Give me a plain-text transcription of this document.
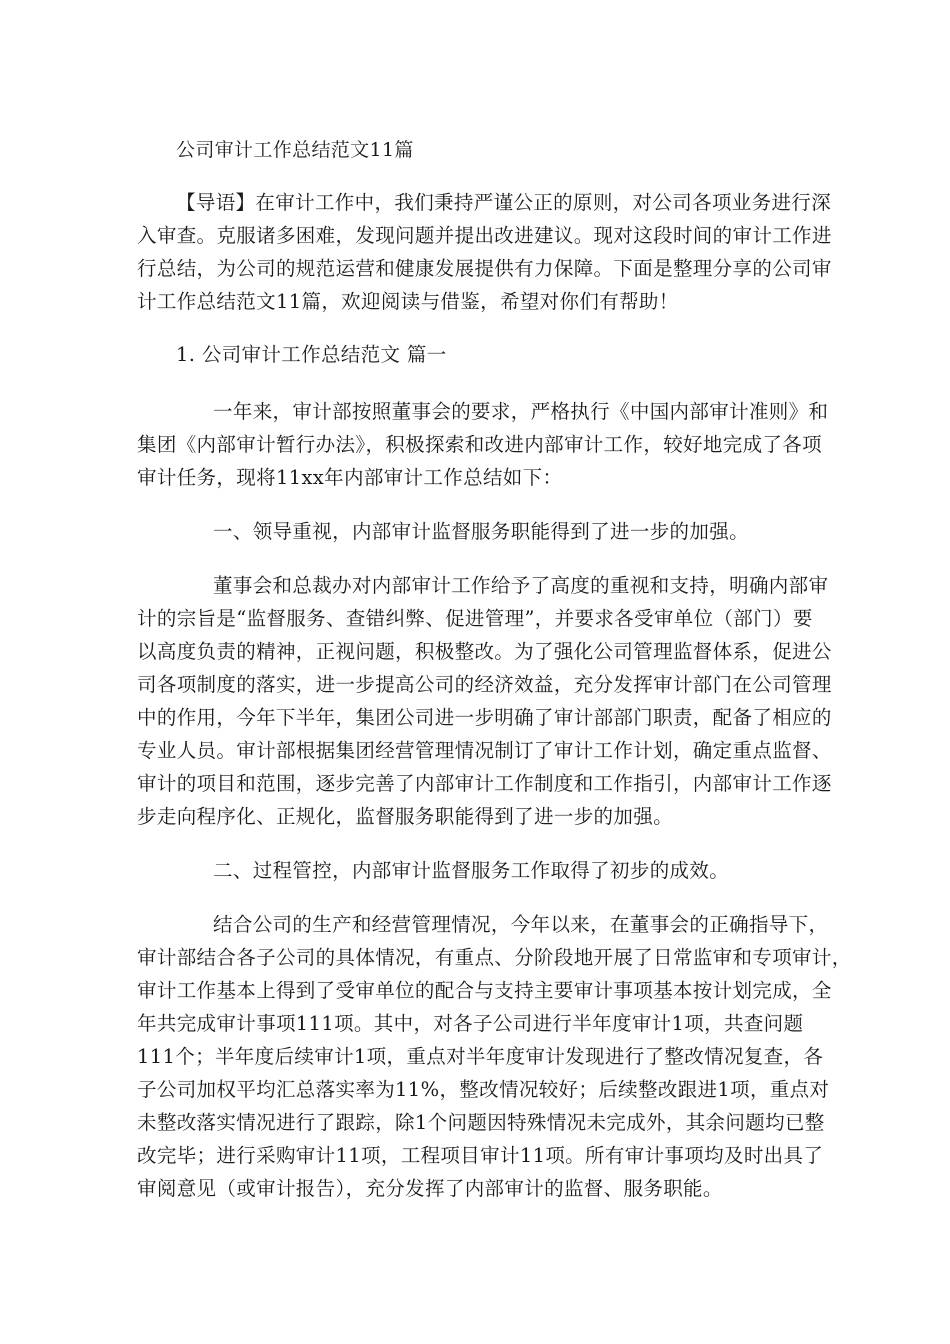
公司审计工作总结范文11篇

【导语】在审计工作中，我们秉持严谨公正的原则，对公司各项业务进行深

入审查。克服诸多困难，发现问题并提出改进建议。现对这段时间的审计工作进

行总结，为公司的规范运营和健康发展提供有力保障。下面是整理分享的公司审

计工作总结范文11篇，欢迎阅读与借鉴，希望对你们有帮助！

1. 公司审计工作总结范文 篇一

一年来，审计部按照董事会的要求，严格执行《中国内部审计准则》和

集团《内部审计暂行办法》，积极探索和改进内部审计工作，较好地完成了各项

审计任务，现将11xx年内部审计工作总结如下：

一、领导重视，内部审计监督服务职能得到了进一步的加强。

董事会和总裁办对内部审计工作给予了高度的重视和支持，明确内部审

计的宗旨是“监督服务、查错纠弊、促进管理”，并要求各受审单位（部门）要

以高度负责的精神，正视问题，积极整改。为了强化公司管理监督体系，促进公

司各项制度的落实，进一步提高公司的经济效益，充分发挥审计部门在公司管理

中的作用，今年下半年，集团公司进一步明确了审计部部门职责，配备了相应的

专业人员。审计部根据集团经营管理情况制订了审计工作计划，确定重点监督、

审计的项目和范围，逐步完善了内部审计工作制度和工作指引，内部审计工作逐

步走向程序化、正规化，监督服务职能得到了进一步的加强。

二、过程管控，内部审计监督服务工作取得了初步的成效。

结合公司的生产和经营管理情况，今年以来，在董事会的正确指导下，

审计部结合各子公司的具体情况，有重点、分阶段地开展了日常监审和专项审计，

审计工作基本上得到了受审单位的配合与支持主要审计事项基本按计划完成，全

年共完成审计事项111项。其中，对各子公司进行半年度审计1项，共查问题

111个；半年度后续审计1项，重点对半年度审计发现进行了整改情况复查，各

子公司加权平均汇总落实率为11%，整改情况较好；后续整改跟进1项，重点对

未整改落实情况进行了跟踪，除1个问题因特殊情况未完成外，其余问题均已整

改完毕；进行采购审计11项，工程项目审计11项。所有审计事项均及时出具了

审阅意见（或审计报告），充分发挥了内部审计的监督、服务职能。
